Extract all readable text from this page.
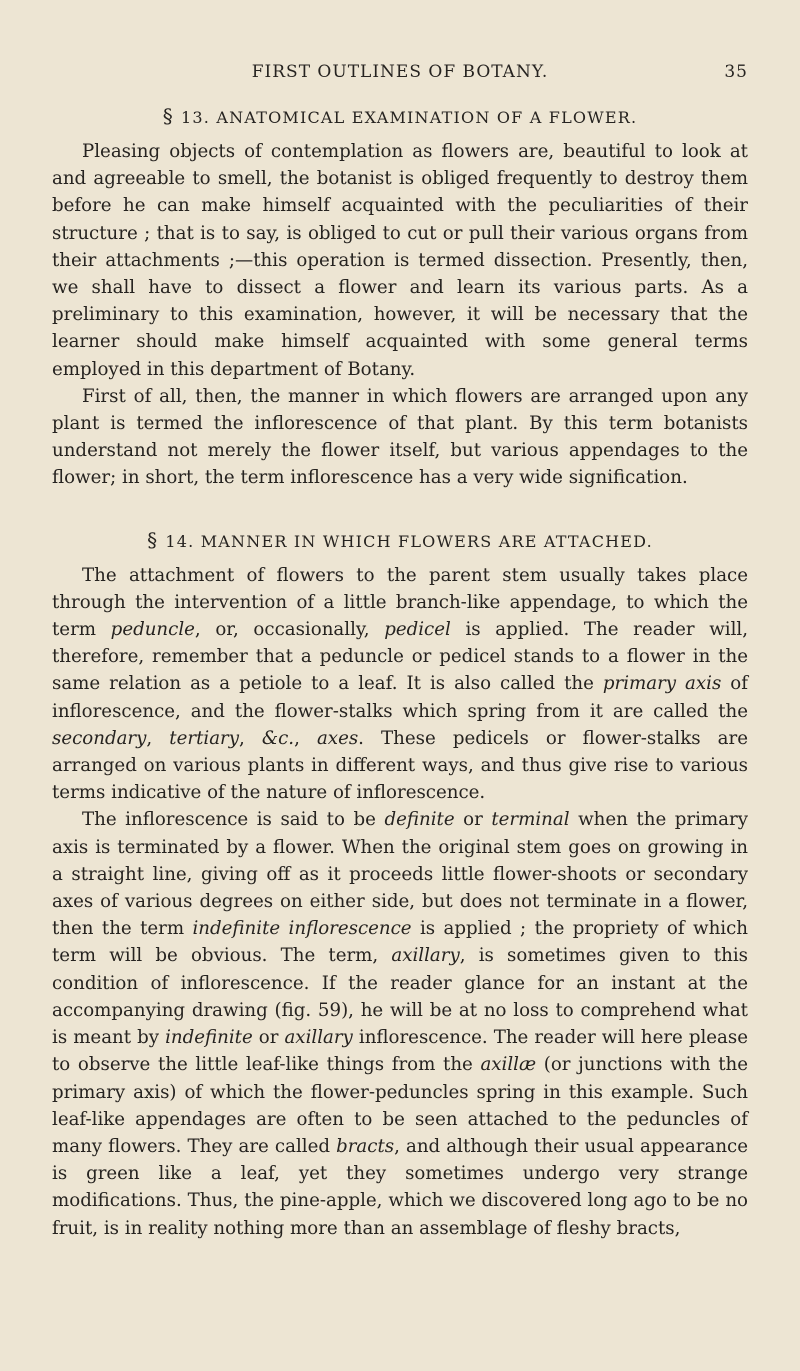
FIRST OUTLINES OF BOTANY.	35
§ 13. ANATOMICAL EXAMINATION OF A FLOWER.

Pleasing objects of contemplation as flowers are, beautiful to look at and agreeable to smell, the botanist is obliged frequently to destroy them before he can make himself acquainted with the peculiarities of their structure ; that is to say, is obliged to cut or pull their various organs from their attachments ;—this operation is termed dissection. Presently, then, we shall have to dissect a flower and learn its various parts. As a preliminary to this examination, however, it will be necessary that the learner should make himself acquainted with some general terms employed in this department of Botany.

First of all, then, the manner in which flowers are arranged upon any plant is termed the inflorescence of that plant. By this term botanists understand not merely the flower itself, but various appendages to the flower; in short, the term inflorescence has a very wide signification.

§ 14. MANNER IN WHICH FLOWERS ARE ATTACHED.

The attachment of flowers to the parent stem usually takes place through the intervention of a little branch-like appendage, to which the term peduncle, or, occasionally, pedicel is applied. The reader will, therefore, remember that a peduncle or pedicel stands to a flower in the same relation as a petiole to a leaf. It is also called the primary axis of inflorescence, and the flower-stalks which spring from it are called the secondary, tertiary, &c., axes. These pedicels or flower-stalks are arranged on various plants in different ways, and thus give rise to various terms indicative of the nature of inflorescence.

The inflorescence is said to be definite or terminal when the primary axis is terminated by a flower. When the original stem goes on growing in a straight line, giving off as it proceeds little flower-shoots or secondary axes of various degrees on either side, but does not terminate in a flower, then the term indefinite inflorescence is applied ; the propriety of which term will be obvious. The term, axillary, is sometimes given to this condition of inflorescence. If the reader glance for an instant at the accompanying drawing (fig. 59), he will be at no loss to comprehend what is meant by indefinite or axillary inflorescence. The reader will here please to observe the little leaf-like things from the axillæ (or junctions with the primary axis) of which the flower-peduncles spring in this example. Such leaf-like appendages are often to be seen attached to the peduncles of many flowers. They are called bracts, and although their usual appearance is green like a leaf, yet they sometimes undergo very strange modifications. Thus, the pine-apple, which we discovered long ago to be no fruit, is in reality nothing more than an assemblage of fleshy bracts,
